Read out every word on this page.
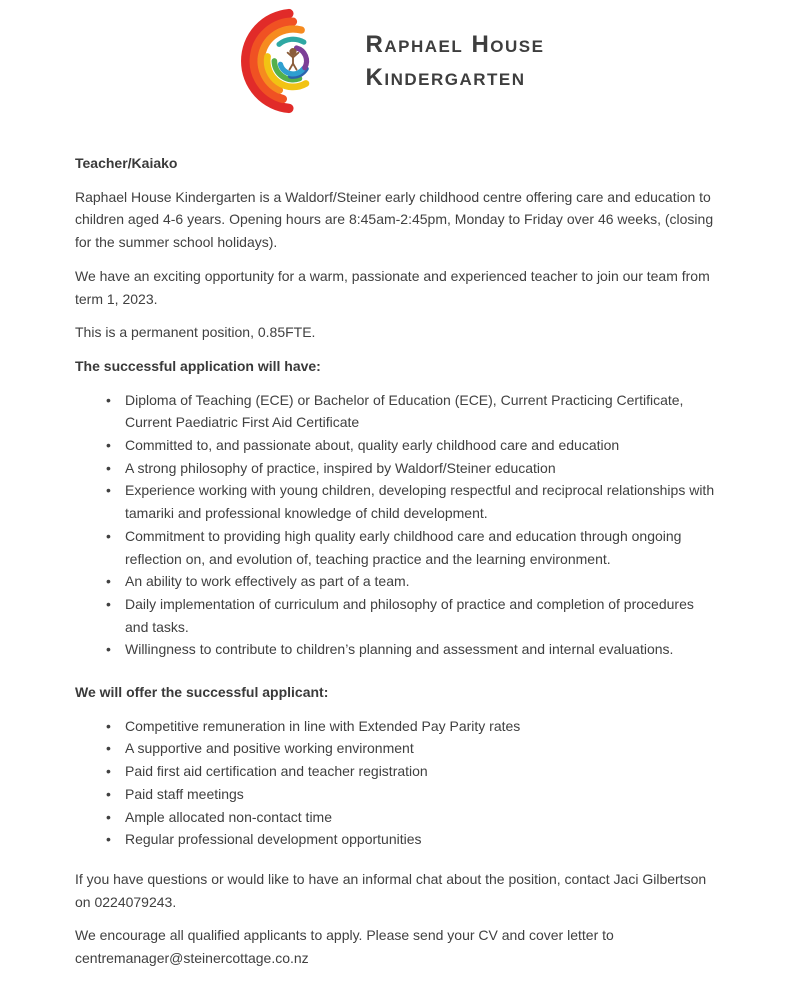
Raphael House
Kindergarten

Teacher/Kaiako

Raphael House Kindergarten is a Waldorf/Steiner early childhood centre offering care and education to children aged 4-6 years. Opening hours are 8:45am-2:45pm, Monday to Friday over 46 weeks, (closing for the summer school holidays).

We have an exciting opportunity for a warm, passionate and experienced teacher to join our team from term 1, 2023.

This is a permanent position, 0.85FTE.

The successful application will have:

• Diploma of Teaching (ECE) or Bachelor of Education (ECE), Current Practicing Certificate, Current Paediatric First Aid Certificate
• Committed to, and passionate about, quality early childhood care and education
• A strong philosophy of practice, inspired by Waldorf/Steiner education
• Experience working with young children, developing respectful and reciprocal relationships with tamariki and professional knowledge of child development.
• Commitment to providing high quality early childhood care and education through ongoing reflection on, and evolution of, teaching practice and the learning environment.
• An ability to work effectively as part of a team.
• Daily implementation of curriculum and philosophy of practice and completion of procedures and tasks.
• Willingness to contribute to children’s planning and assessment and internal evaluations.

We will offer the successful applicant:

• Competitive remuneration in line with Extended Pay Parity rates
• A supportive and positive working environment
• Paid first aid certification and teacher registration
• Paid staff meetings
• Ample allocated non-contact time
• Regular professional development opportunities

If you have questions or would like to have an informal chat about the position, contact Jaci Gilbertson on 0224079243.

We encourage all qualified applicants to apply. Please send your CV and cover letter to centremanager@steinercottage.co.nz
